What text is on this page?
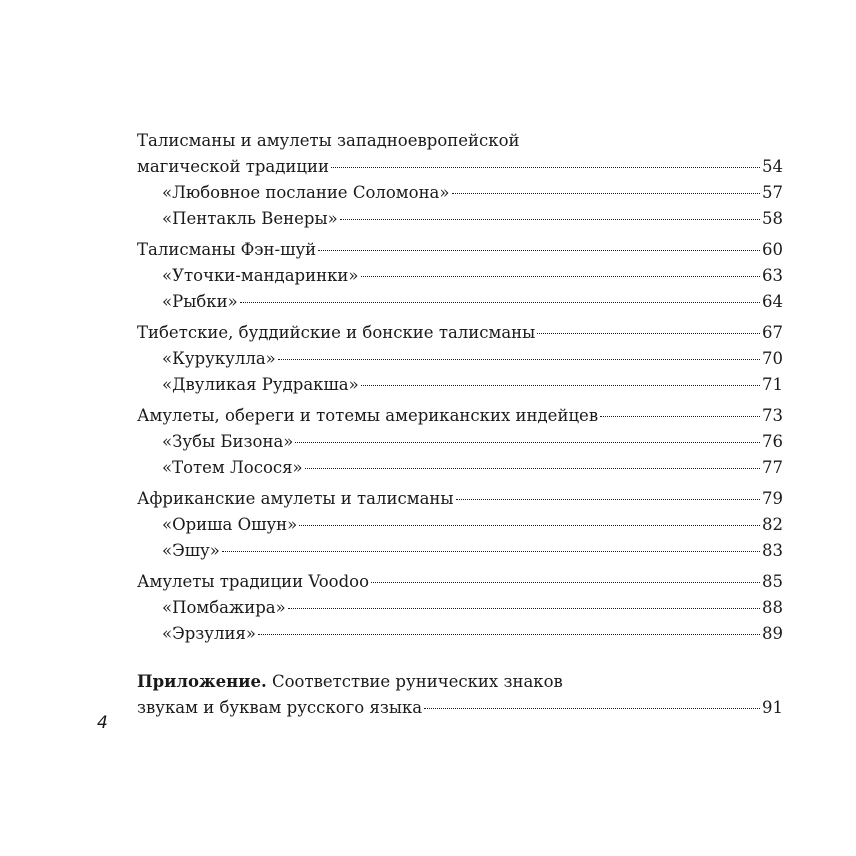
Талисманы и амулеты западноевропейской
магической традиции	54
«Любовное послание Соломона»	57
«Пентакль Венеры»	58
Талисманы Фэн-шуй	60
«Уточки-мандаринки»	63
«Рыбки»	64
Тибетские, буддийские и бонские талисманы	67
«Курукулла»	70
«Двуликая Рудракша»	71
Амулеты, обереги и тотемы американских индейцев	73
«Зубы Бизона»	76
«Тотем Лосося»	77
Африканские амулеты и талисманы	79
«Ориша Ошун»	82
«Эшу»	83
Амулеты традиции Voodoo	85
«Помбажира»	88
«Эрзулия»	89
Приложение. Соответствие рунических знаков
звукам и буквам русского языка	91
4
